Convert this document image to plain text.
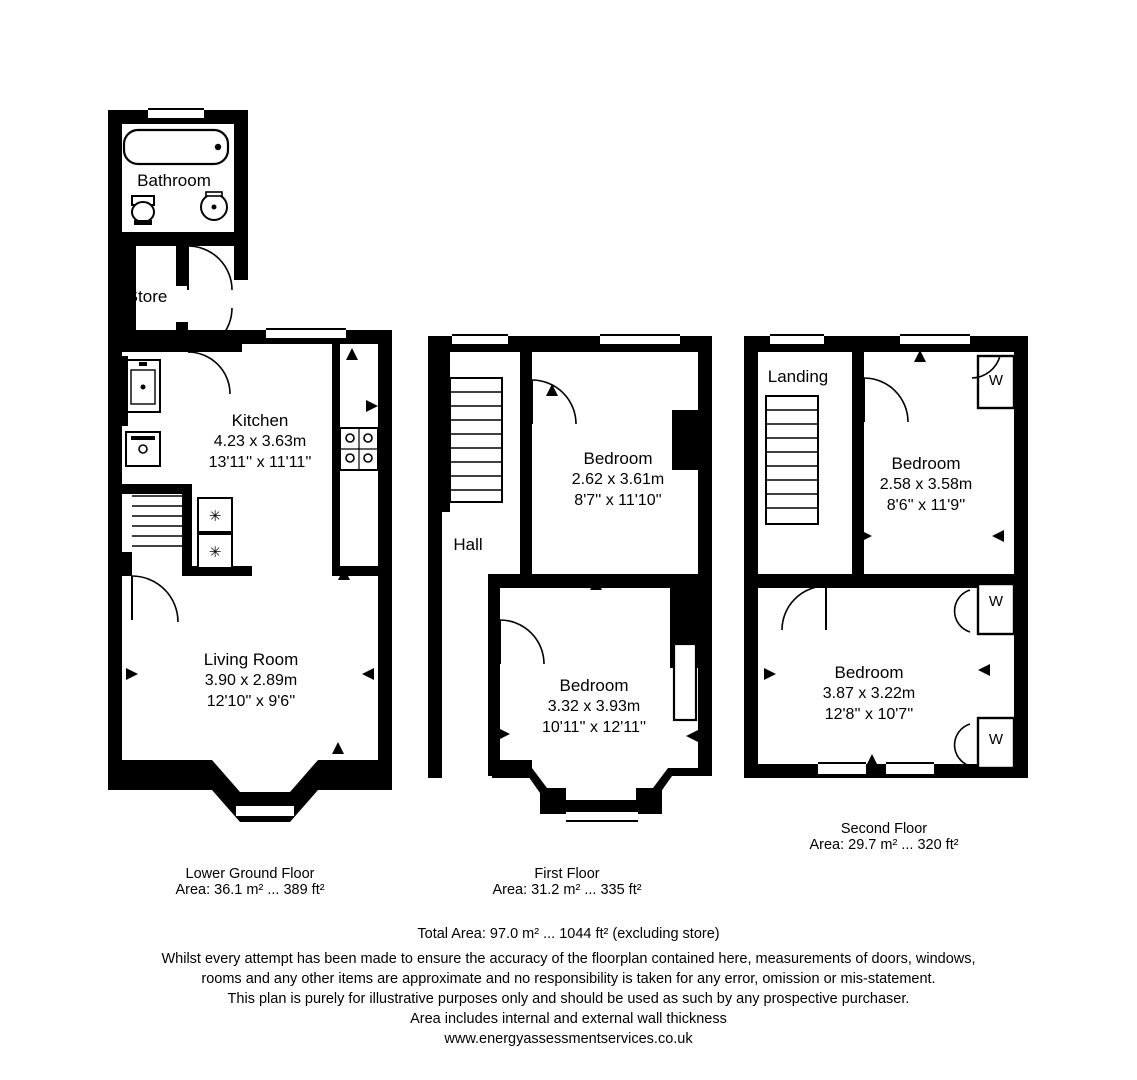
✳
✳
Bathroom
Store
Kitchen
4.23 x 3.63m
13'11'' x 11'11''
Living Room
3.90 x 2.89m
12'10'' x 9'6''
Lower Ground Floor
Area: 36.1 m² ... 389 ft²
Hall
Bedroom
2.62 x 3.61m
8'7'' x 11'10''
Bedroom
3.32 x 3.93m
10'11'' x 12'11''
First Floor
Area: 31.2 m² ... 335 ft²
Landing
Bedroom
2.58 x 3.58m
8'6'' x 11'9''
Bedroom
3.87 x 3.22m
12'8'' x 10'7''
W
W
W
Second Floor
Area: 29.7 m² ... 320 ft²
Total Area: 97.0 m² ... 1044 ft² (excluding store)
Whilst every attempt has been made to ensure the accuracy of the floorplan contained here, measurements of doors, windows,
rooms and any other items are approximate and no responsibility is taken for any error, omission or mis-statement.
This plan is purely for illustrative purposes only and should be used as such by any prospective purchaser.
Area includes internal and external wall thickness
www.energyassessmentservices.co.uk
